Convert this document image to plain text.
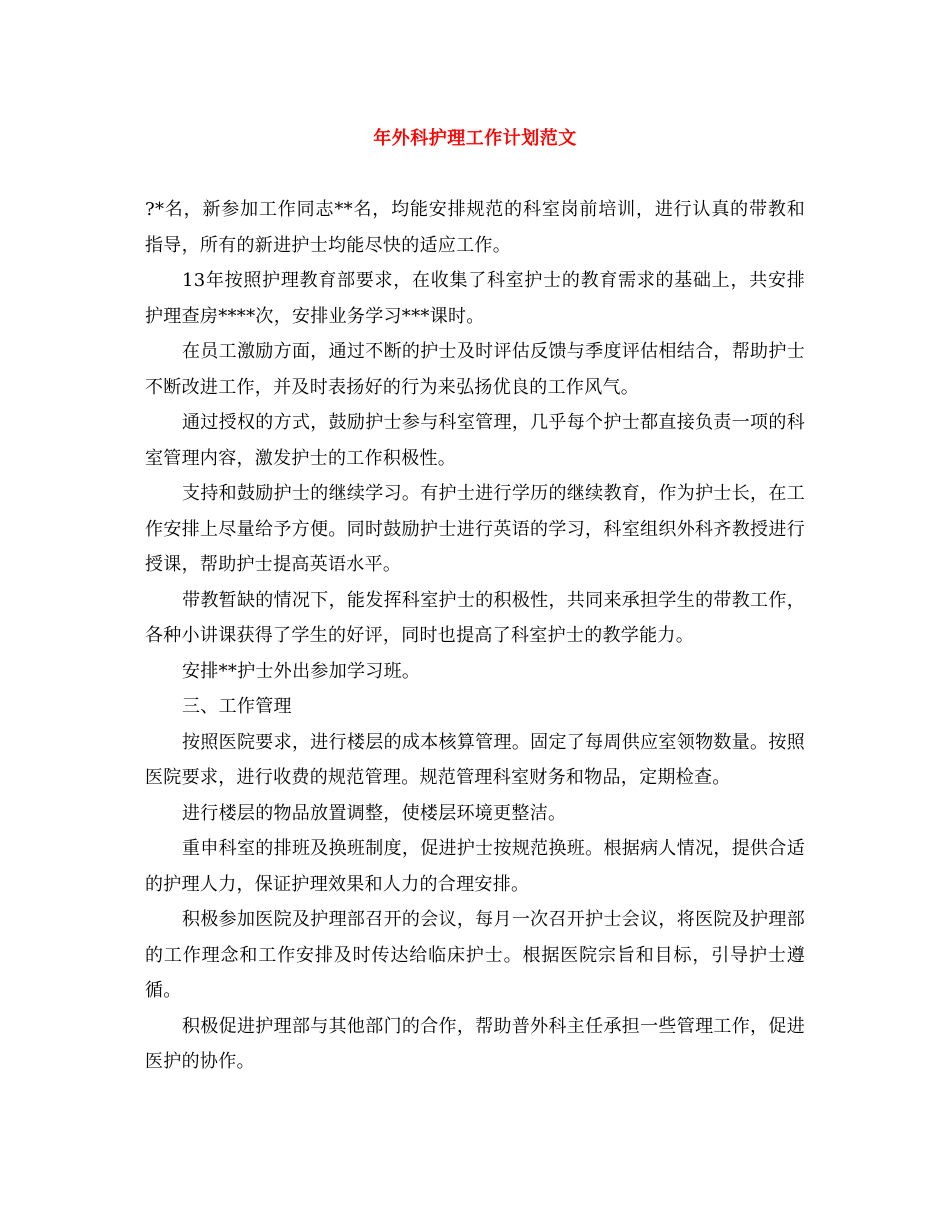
年外科护理工作计划范文

?*名，新参加工作同志**名，均能安排规范的科室岗前培训，进行认真的带教和指导，所有的新进护士均能尽快的适应工作。

13年按照护理教育部要求，在收集了科室护士的教育需求的基础上，共安排护理查房****次，安排业务学习***课时。

在员工激励方面，通过不断的护士及时评估反馈与季度评估相结合，帮助护士不断改进工作，并及时表扬好的行为来弘扬优良的工作风气。

通过授权的方式，鼓励护士参与科室管理，几乎每个护士都直接负责一项的科室管理内容，激发护士的工作积极性。

支持和鼓励护士的继续学习。有护士进行学历的继续教育，作为护士长，在工作安排上尽量给予方便。同时鼓励护士进行英语的学习，科室组织外科齐教授进行授课，帮助护士提高英语水平。

带教暂缺的情况下，能发挥科室护士的积极性，共同来承担学生的带教工作，各种小讲课获得了学生的好评，同时也提高了科室护士的教学能力。

安排**护士外出参加学习班。

三、工作管理

按照医院要求，进行楼层的成本核算管理。固定了每周供应室领物数量。按照医院要求，进行收费的规范管理。规范管理科室财务和物品，定期检查。

进行楼层的物品放置调整，使楼层环境更整洁。

重申科室的排班及换班制度，促进护士按规范换班。根据病人情况，提供合适的护理人力，保证护理效果和人力的合理安排。

积极参加医院及护理部召开的会议，每月一次召开护士会议，将医院及护理部的工作理念和工作安排及时传达给临床护士。根据医院宗旨和目标，引导护士遵循。

积极促进护理部与其他部门的合作，帮助普外科主任承担一些管理工作，促进医护的协作。
